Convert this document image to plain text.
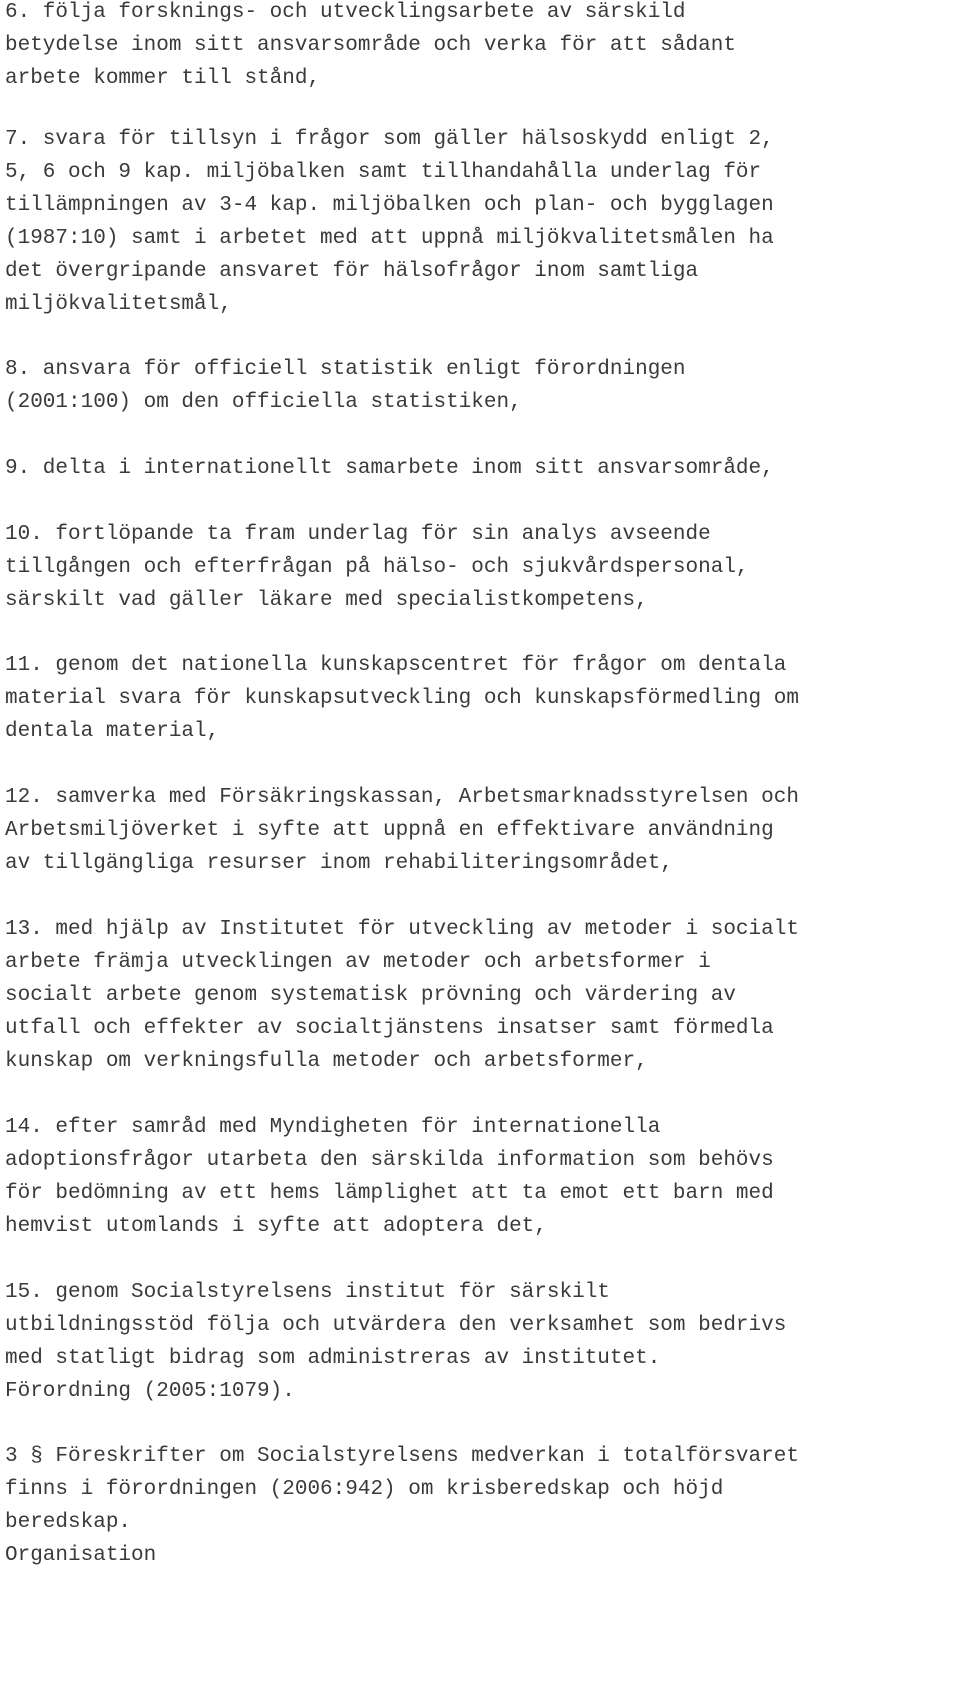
6. följa forsknings- och utvecklingsarbete av särskild
betydelse inom sitt ansvarsområde och verka för att sådant
arbete kommer till stånd,
7. svara för tillsyn i frågor som gäller hälsoskydd enligt 2,
5, 6 och 9 kap. miljöbalken samt tillhandahålla underlag för
tillämpningen av 3-4 kap. miljöbalken och plan- och bygglagen
(1987:10) samt i arbetet med att uppnå miljökvalitetsmålen ha
det övergripande ansvaret för hälsofrågor inom samtliga
miljökvalitetsmål,
8. ansvara för officiell statistik enligt förordningen
(2001:100) om den officiella statistiken,
9. delta i internationellt samarbete inom sitt ansvarsområde,
10. fortlöpande ta fram underlag för sin analys avseende
tillgången och efterfrågan på hälso- och sjukvårdspersonal,
särskilt vad gäller läkare med specialistkompetens,
11. genom det nationella kunskapscentret för frågor om dentala
material svara för kunskapsutveckling och kunskapsförmedling om
dentala material,
12. samverka med Försäkringskassan, Arbetsmarknadsstyrelsen och
Arbetsmiljöverket i syfte att uppnå en effektivare användning
av tillgängliga resurser inom rehabiliteringsområdet,
13. med hjälp av Institutet för utveckling av metoder i socialt
arbete främja utvecklingen av metoder och arbetsformer i
socialt arbete genom systematisk prövning och värdering av
utfall och effekter av socialtjänstens insatser samt förmedla
kunskap om verkningsfulla metoder och arbetsformer,
14. efter samråd med Myndigheten för internationella
adoptionsfrågor utarbeta den särskilda information som behövs
för bedömning av ett hems lämplighet att ta emot ett barn med
hemvist utomlands i syfte att adoptera det,
15. genom Socialstyrelsens institut för särskilt
utbildningsstöd följa och utvärdera den verksamhet som bedrivs
med statligt bidrag som administreras av institutet.
Förordning (2005:1079).
3 § Föreskrifter om Socialstyrelsens medverkan i totalförsvaret
finns i förordningen (2006:942) om krisberedskap och höjd
beredskap.
Organisation
